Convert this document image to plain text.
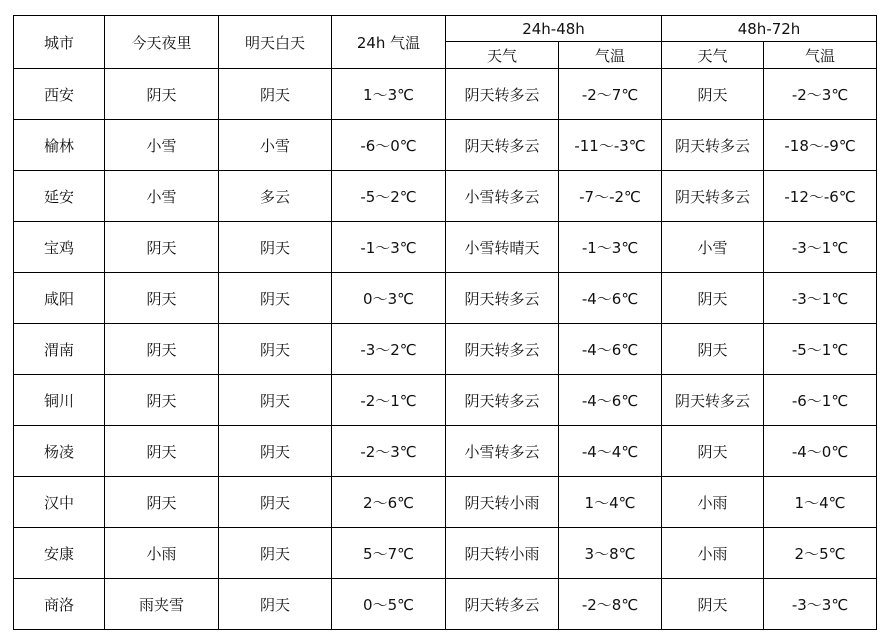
城市	今天夜里	明天白天	24h 气温	24h-48h		48h-72h	
				天气	气温	天气	气温
西安	阴天	阴天	1～3℃	阴天转多云	-2～7℃	阴天	-2～3℃
榆林	小雪	小雪	-6～0℃	阴天转多云	-11～-3℃	阴天转多云	-18～-9℃
延安	小雪	多云	-5～2℃	小雪转多云	-7～-2℃	阴天转多云	-12～-6℃
宝鸡	阴天	阴天	-1～3℃	小雪转晴天	-1～3℃	小雪	-3～1℃
咸阳	阴天	阴天	0～3℃	阴天转多云	-4～6℃	阴天	-3～1℃
渭南	阴天	阴天	-3～2℃	阴天转多云	-4～6℃	阴天	-5～1℃
铜川	阴天	阴天	-2～1℃	阴天转多云	-4～6℃	阴天转多云	-6～1℃
杨凌	阴天	阴天	-2～3℃	小雪转多云	-4～4℃	阴天	-4～0℃
汉中	阴天	阴天	2～6℃	阴天转小雨	1～4℃	小雨	1～4℃
安康	小雨	阴天	5～7℃	阴天转小雨	3～8℃	小雨	2～5℃
商洛	雨夹雪	阴天	0～5℃	阴天转多云	-2～8℃	阴天	-3～3℃
